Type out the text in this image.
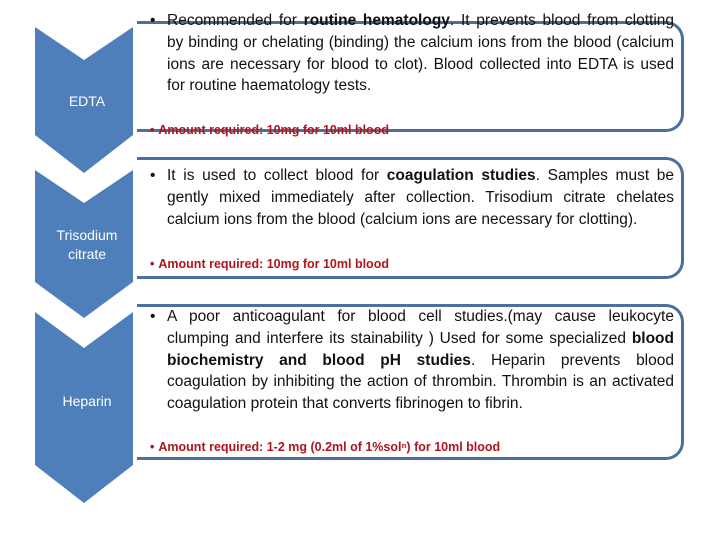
EDTA
Trisodium citrate
Heparin
• Recommended for routine hematology. It prevents blood from clotting by binding or chelating (binding) the calcium ions from the blood (calcium ions are necessary for blood to clot). Blood collected into EDTA is used for routine haematology tests.

• Amount required: 10mg for 10ml blood
• It is used to collect blood for coagulation studies. Samples must be gently mixed immediately after collection. Trisodium citrate chelates calcium ions from the blood (calcium ions are necessary for clotting).

• Amount required: 10mg for 10ml blood
• A poor anticoagulant for blood cell studies.(may cause leukocyte clumping and interfere its stainability ) Used for some specialized blood biochemistry and blood pH studies. Heparin prevents blood coagulation by inhibiting the action of thrombin. Thrombin is an activated coagulation protein that converts fibrinogen to fibrin.

• Amount required: 1-2 mg (0.2ml of 1%solⁿ) for 10ml blood
